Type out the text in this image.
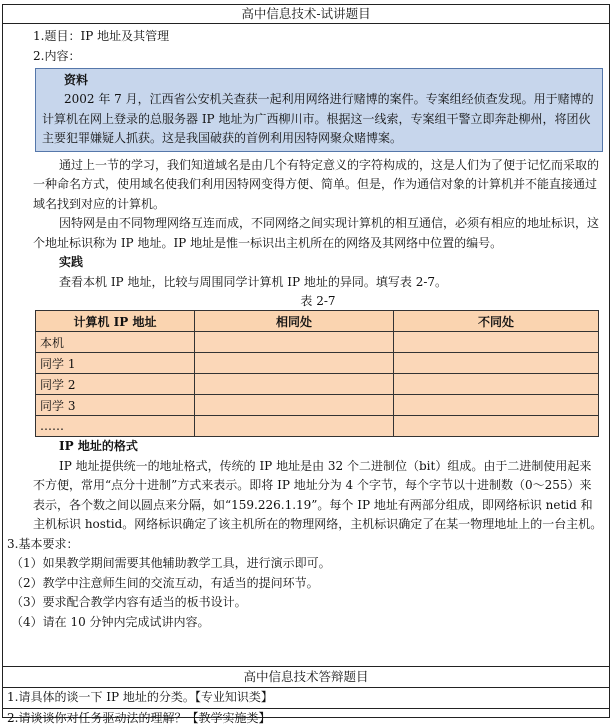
高中信息技术-试讲题目

1.题目：IP 地址及其管理

2.内容：

资料
2002 年 7 月，江西省公安机关查获一起利用网络进行赌博的案件。专案组经侦查发现。用于赌博的计算机在网上登录的总服务器 IP 地址为广西柳川市。根据这一线索，专案组干警立即奔赴柳州，将团伙主要犯罪嫌疑人抓获。这是我国破获的首例利用因特网聚众赌博案。

通过上一节的学习，我们知道域名是由几个有特定意义的字符构成的，这是人们为了便于记忆而采取的一种命名方式，使用域名使我们利用因特网变得方便、简单。但是，作为通信对象的计算机并不能直接通过域名找到对应的计算机。

因特网是由不同物理网络互连而成，不同网络之间实现计算机的相互通信，必须有相应的地址标识，这个地址标识称为 IP 地址。IP 地址是惟一标识出主机所在的网络及其网络中位置的编号。

实践

查看本机 IP 地址，比较与周围同学计算机 IP 地址的异同。填写表 2-7。

表 2-7
计算机 IP 地址	相同处	不同处
本机		
同学 1		
同学 2		
同学 3		
……		

IP 地址的格式

IP 地址提供统一的地址格式，传统的 IP 地址是由 32 个二进制位（bit）组成。由于二进制使用起来不方便，常用“点分十进制”方式来表示。即将 IP 地址分为 4 个字节，每个字节以十进制数（0～255）来表示，各个数之间以圆点来分隔，如“159.226.1.19”。每个 IP 地址有两部分组成，即网络标识 netid 和主机标识 hostid。网络标识确定了该主机所在的物理网络，主机标识确定了在某一物理地址上的一台主机。

3.基本要求：

（1）如果教学期间需要其他辅助教学工具，进行演示即可。

（2）教学中注意师生间的交流互动，有适当的提问环节。

（3）要求配合教学内容有适当的板书设计。

（4）请在 10 分钟内完成试讲内容。

高中信息技术答辩题目

1.请具体的谈一下 IP 地址的分类。【专业知识类】

2.请谈谈你对任务驱动法的理解？【教学实施类】
